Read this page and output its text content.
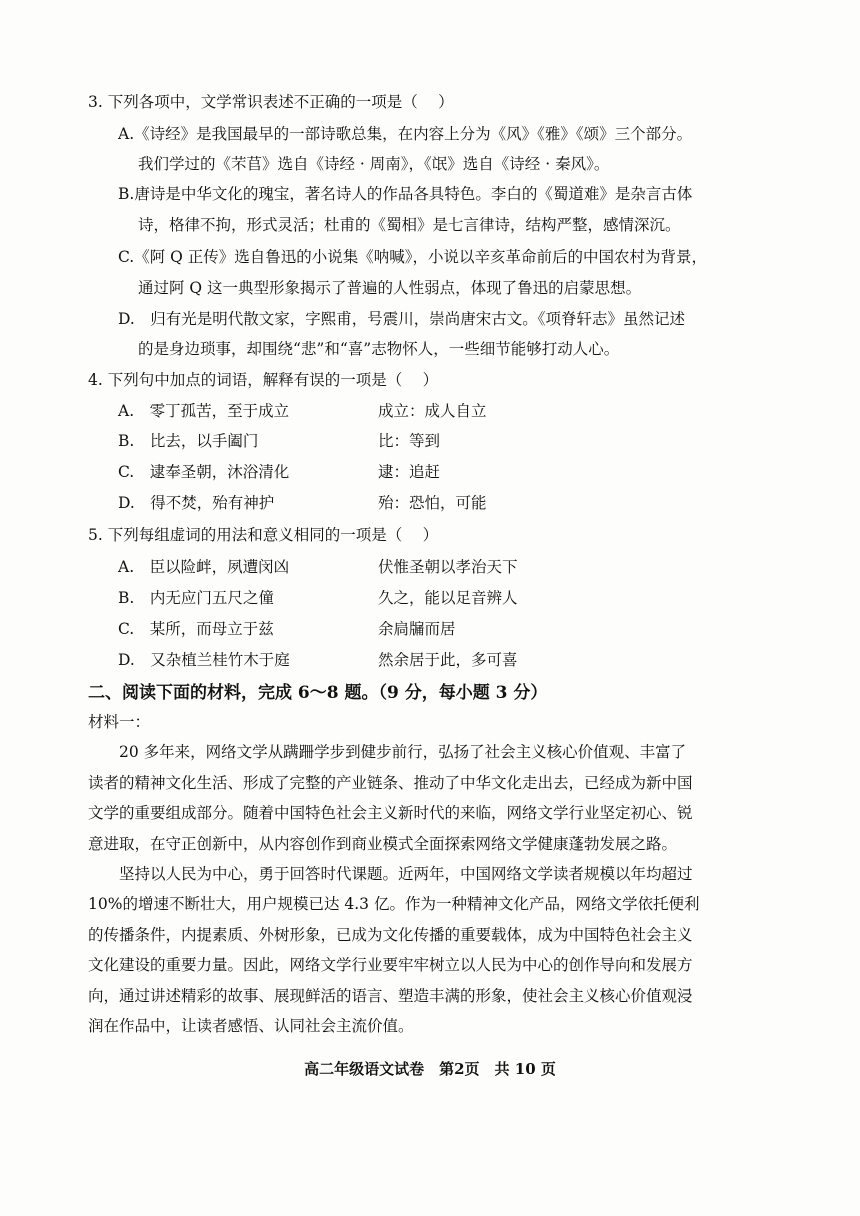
3. 下列各项中，文学常识表述不正确的一项是（　 ）
A.《诗经》是我国最早的一部诗歌总集，在内容上分为《风》《雅》《颂》三个部分。
我们学过的《芣苢》选自《诗经 · 周南》，《氓》选自《诗经 · 秦风》。
B.唐诗是中华文化的瑰宝，著名诗人的作品各具特色。李白的《蜀道难》是杂言古体
诗，格律不拘，形式灵活；杜甫的《蜀相》是七言律诗，结构严整，感情深沉。
C.《阿 Q 正传》选自鲁迅的小说集《呐喊》，小说以辛亥革命前后的中国农村为背景，
通过阿 Q 这一典型形象揭示了普遍的人性弱点，体现了鲁迅的启蒙思想。
D.　归有光是明代散文家，字熙甫，号震川，崇尚唐宋古文。《项脊轩志》虽然记述
的是身边琐事，却围绕“悲”和“喜”志物怀人，一些细节能够打动人心。
4. 下列句中加点的词语，解释有误的一项是（　 ）
A.　零丁孤苦，至于成立	成立：成人自立
B.　比去，以手阖门	比：等到
C.　逮奉圣朝，沐浴清化	逮：追赶
D.　得不焚，殆有神护	殆：恐怕，可能
5. 下列每组虚词的用法和意义相同的一项是（　 ）
A.　臣以险衅，夙遭闵凶	伏惟圣朝以孝治天下
B.　内无应门五尺之僮	久之，能以足音辨人
C.　某所，而母立于兹	余扃牖而居
D.　又杂植兰桂竹木于庭	然余居于此，多可喜
二、阅读下面的材料，完成 6～8 题。（9 分，每小题 3 分）
材料一：
　　20 多年来，网络文学从蹒跚学步到健步前行，弘扬了社会主义核心价值观、丰富了
读者的精神文化生活、形成了完整的产业链条、推动了中华文化走出去，已经成为新中国
文学的重要组成部分。随着中国特色社会主义新时代的来临，网络文学行业坚定初心、锐
意进取，在守正创新中，从内容创作到商业模式全面探索网络文学健康蓬勃发展之路。
　　坚持以人民为中心，勇于回答时代课题。近两年，中国网络文学读者规模以年均超过
10%的增速不断壮大，用户规模已达 4.3 亿。作为一种精神文化产品，网络文学依托便利
的传播条件，内提素质、外树形象，已成为文化传播的重要载体，成为中国特色社会主义
文化建设的重要力量。因此，网络文学行业要牢牢树立以人民为中心的创作导向和发展方
向，通过讲述精彩的故事、展现鲜活的语言、塑造丰满的形象，使社会主义核心价值观浸
润在作品中，让读者感悟、认同社会主流价值。
高二年级语文试卷　第2页　共 10 页
